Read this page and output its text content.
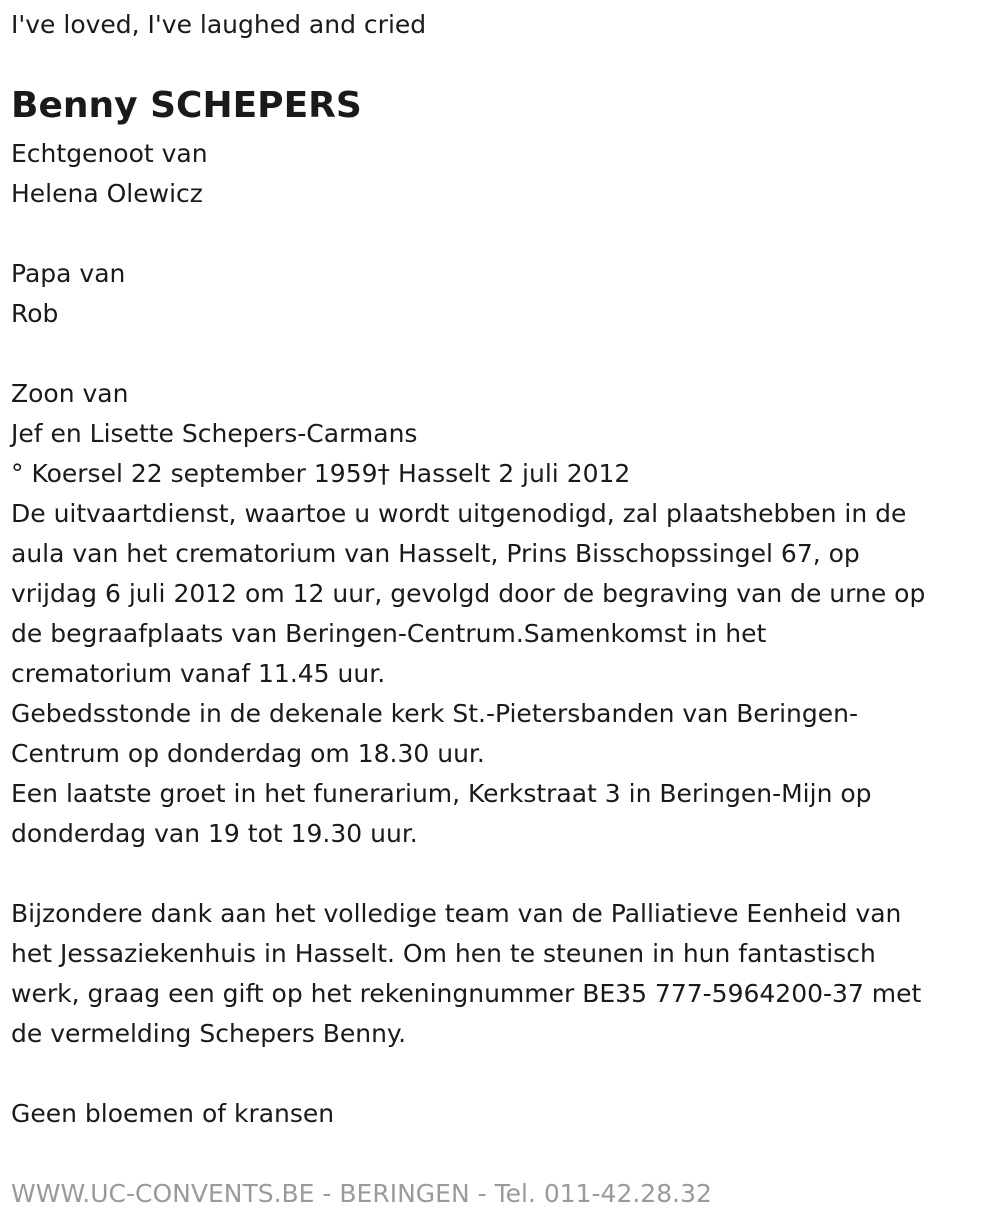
I've loved, I've laughed and cried
Benny SCHEPERS
Echtgenoot van
Helena Olewicz
Papa van
Rob
Zoon van
Jef en Lisette Schepers-Carmans
° Koersel 22 september 1959† Hasselt 2 juli 2012
De uitvaartdienst, waartoe u wordt uitgenodigd, zal plaatshebben in de
aula van het crematorium van Hasselt, Prins Bisschopssingel 67, op
vrijdag 6 juli 2012 om 12 uur, gevolgd door de begraving van de urne op
de begraafplaats van Beringen-Centrum.Samenkomst in het
crematorium vanaf 11.45 uur.
Gebedsstonde in de dekenale kerk St.-Pietersbanden van Beringen-
Centrum op donderdag om 18.30 uur.
Een laatste groet in het funerarium, Kerkstraat 3 in Beringen-Mijn op
donderdag van 19 tot 19.30 uur.
Bijzondere dank aan het volledige team van de Palliatieve Eenheid van
het Jessaziekenhuis in Hasselt. Om hen te steunen in hun fantastisch
werk, graag een gift op het rekeningnummer BE35 777-5964200-37 met
de vermelding Schepers Benny.
Geen bloemen of kransen
WWW.UC-CONVENTS.BE - BERINGEN - Tel. 011-42.28.32
